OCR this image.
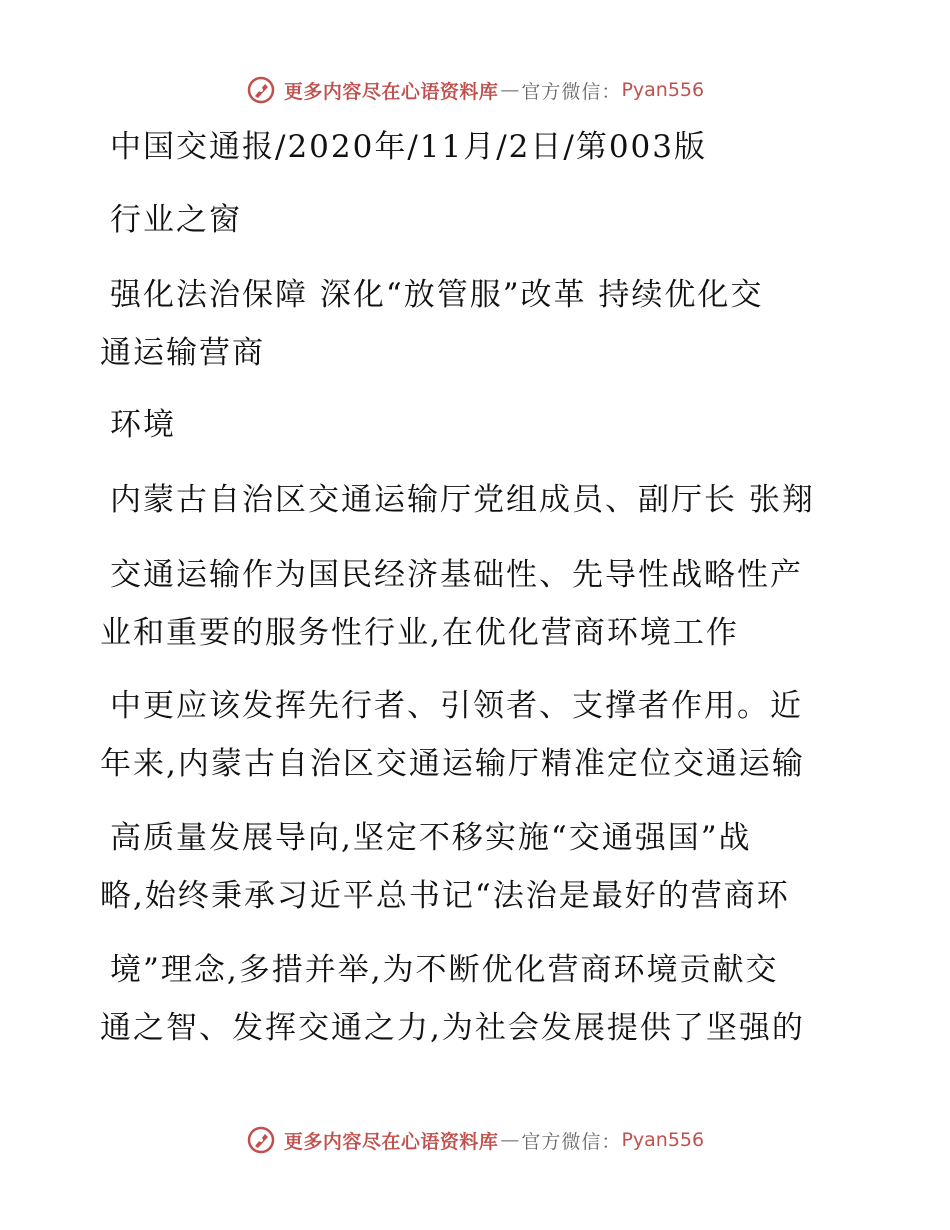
更多内容尽在心语资料库 — 官方微信： Pyan556
中国交通报/2020年/11月/2日/第003版
行业之窗
强化法治保障 深化“放管服”改革 持续优化交
通运输营商
环境
内蒙古自治区交通运输厅党组成员、副厅长 张翔
交通运输作为国民经济基础性、先导性战略性产
业和重要的服务性行业,在优化营商环境工作
中更应该发挥先行者、引领者、支撑者作用。近
年来,内蒙古自治区交通运输厅精准定位交通运输
高质量发展导向,坚定不移实施“交通强国”战
略,始终秉承习近平总书记“法治是最好的营商环
境”理念,多措并举,为不断优化营商环境贡献交
通之智、发挥交通之力,为社会发展提供了坚强的
更多内容尽在心语资料库 — 官方微信： Pyan556
